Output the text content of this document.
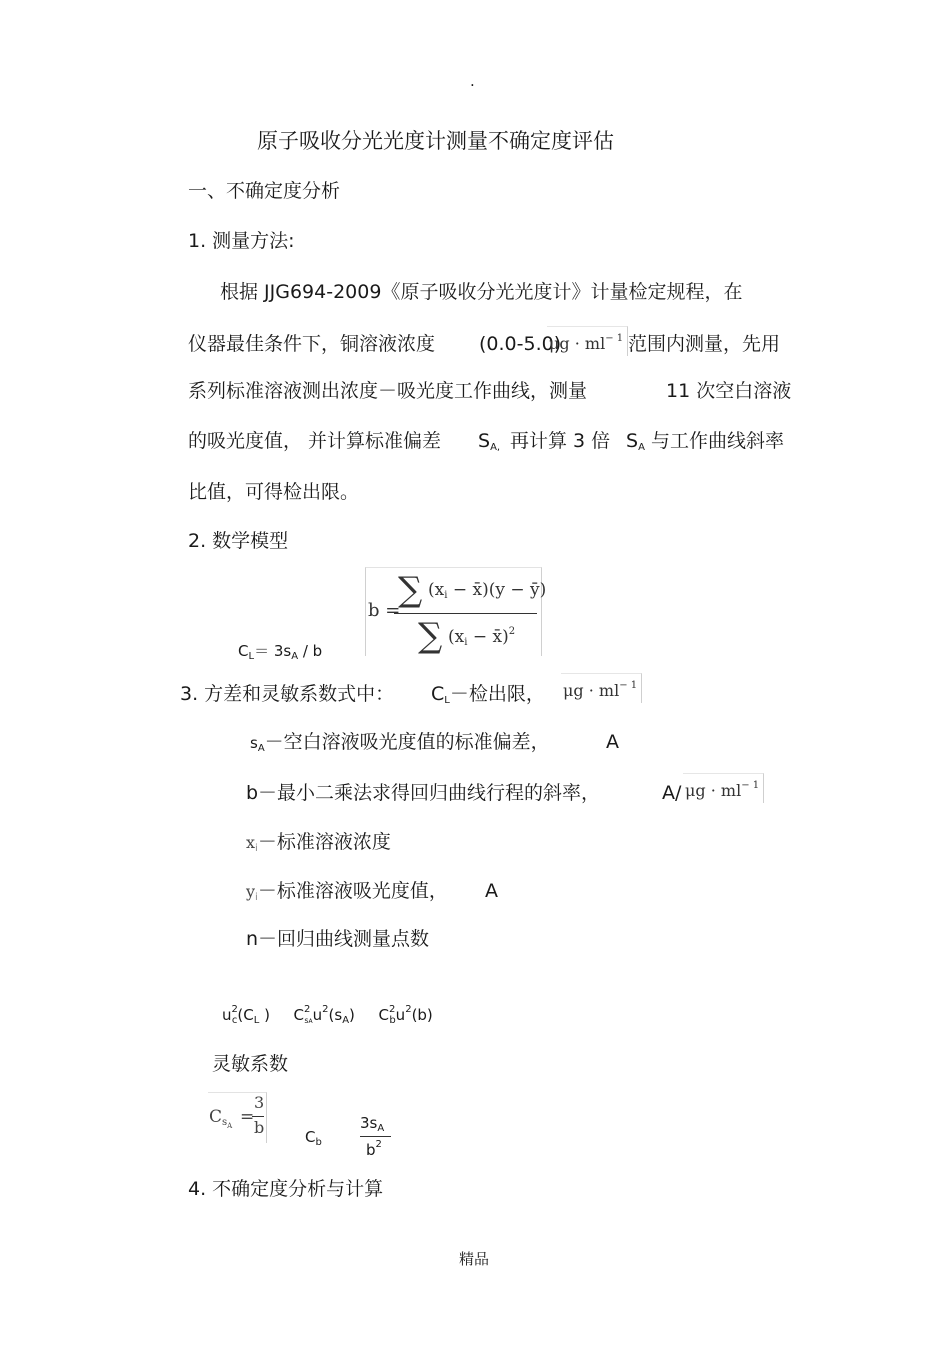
.
原子吸收分光光度计测量不确定度评估
一、不确定度分析
1. 测量方法:
根据 JJG694-2009《原子吸收分光光度计》计量检定规程，在
仪器最佳条件下，铜溶液浓度 (0.0-5.0)
$\mu g \cdot ml^{- 1}$ 范围内测量，先用
系列标准溶液测出浓度－吸光度工作曲线，测量	11 次空白溶液
的吸光度值， 并计算标准偏差 $S_{A,}$ 再计算 3 倍 $S_A$ 与工作曲线斜率
比值，可得检出限。
2. 数学模型
$C_L= 3s_A / b$
b =
∑ ($x_i$ − x̄)(y − ȳ)
∑ ($x_i$ − x̄)$^2$
3. 方差和灵敏系数式中： $C_L-$检出限， $\mu g \cdot ml^{- 1}$
$s_A-$空白溶液吸光度值的标准偏差，	A
b－最小二乘法求得回归曲线行程的斜率，	A/ $\mu g \cdot ml^{- 1}$
$x_i-$标准溶液浓度
$y_i-$标准溶液吸光度值， A
n－回归曲线测量点数
$u^2_c(C_L$ ) $C^2_{sA}u^2(s_A)$ $C^2_bu^2(b)$
灵敏系数
$C_{sA}$ =
3
b	$C_b$
$3s_A$
$b^2$
4. 不确定度分析与计算
精品
